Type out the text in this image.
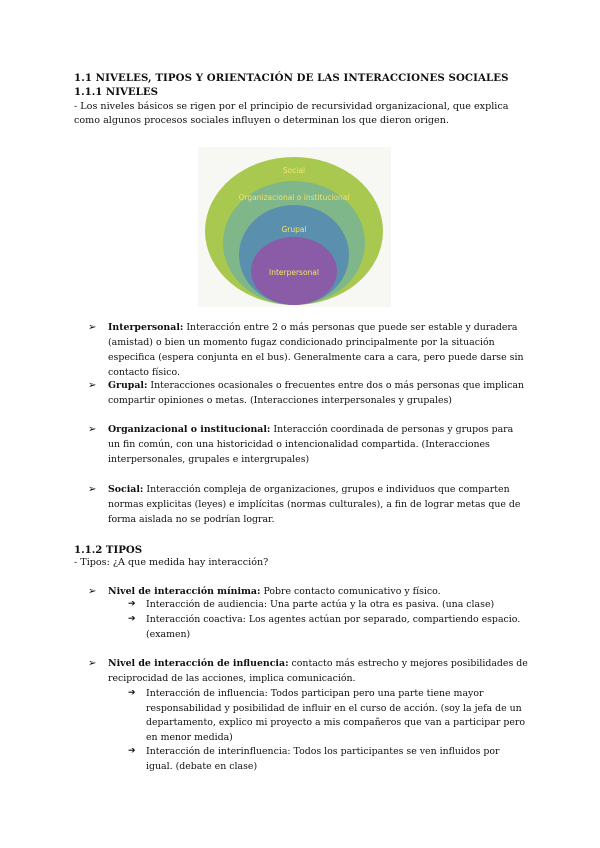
1.1 NIVELES, TIPOS Y ORIENTACIÓN DE LAS INTERACCIONES SOCIALES
1.1.1 NIVELES
- Los niveles básicos se rigen por el principio de recursividad organizacional, que explica como algunos procesos sociales influyen o determinan los que dieron origen.
Social
Organizacional o institucional
Grupal
Interpersonal
➢	Interpersonal: Interacción entre 2 o más personas que puede ser estable y duradera (amistad) o bien un momento fugaz condicionado principalmente por la situación especifica (espera conjunta en el bus). Generalmente cara a cara, pero puede darse sin contacto físico.
➢	Grupal: Interacciones ocasionales o frecuentes entre dos o más personas que implican compartir opiniones o metas. (Interacciones interpersonales y grupales)
➢	Organizacional o institucional: Interacción coordinada de personas y grupos para un fin común, con una historicidad o intencionalidad compartida. (Interacciones interpersonales, grupales e intergrupales)
➢	Social: Interacción compleja de organizaciones, grupos e individuos que comparten normas explicitas (leyes) e implícitas (normas culturales), a fin de lograr metas que de forma aislada no se podrían lograr.
1.1.2 TIPOS
- Tipos: ¿A que medida hay interacción?
➢	Nivel de interacción mínima: Pobre contacto comunicativo y físico.
➔	Interacción de audiencia: Una parte actúa y la otra es pasiva. (una clase)
➔	Interacción coactiva: Los agentes actúan por separado, compartiendo espacio. (examen)
➢	Nivel de interacción de influencia: contacto más estrecho y mejores posibilidades de reciprocidad de las acciones, implica comunicación.
➔	Interacción de influencia: Todos participan pero una parte tiene mayor responsabilidad y posibilidad de influir en el curso de acción. (soy la jefa de un departamento, explico mi proyecto a mis compañeros que van a participar pero en menor medida)
➔	Interacción de interinfluencia: Todos los participantes se ven influidos por igual. (debate en clase)
